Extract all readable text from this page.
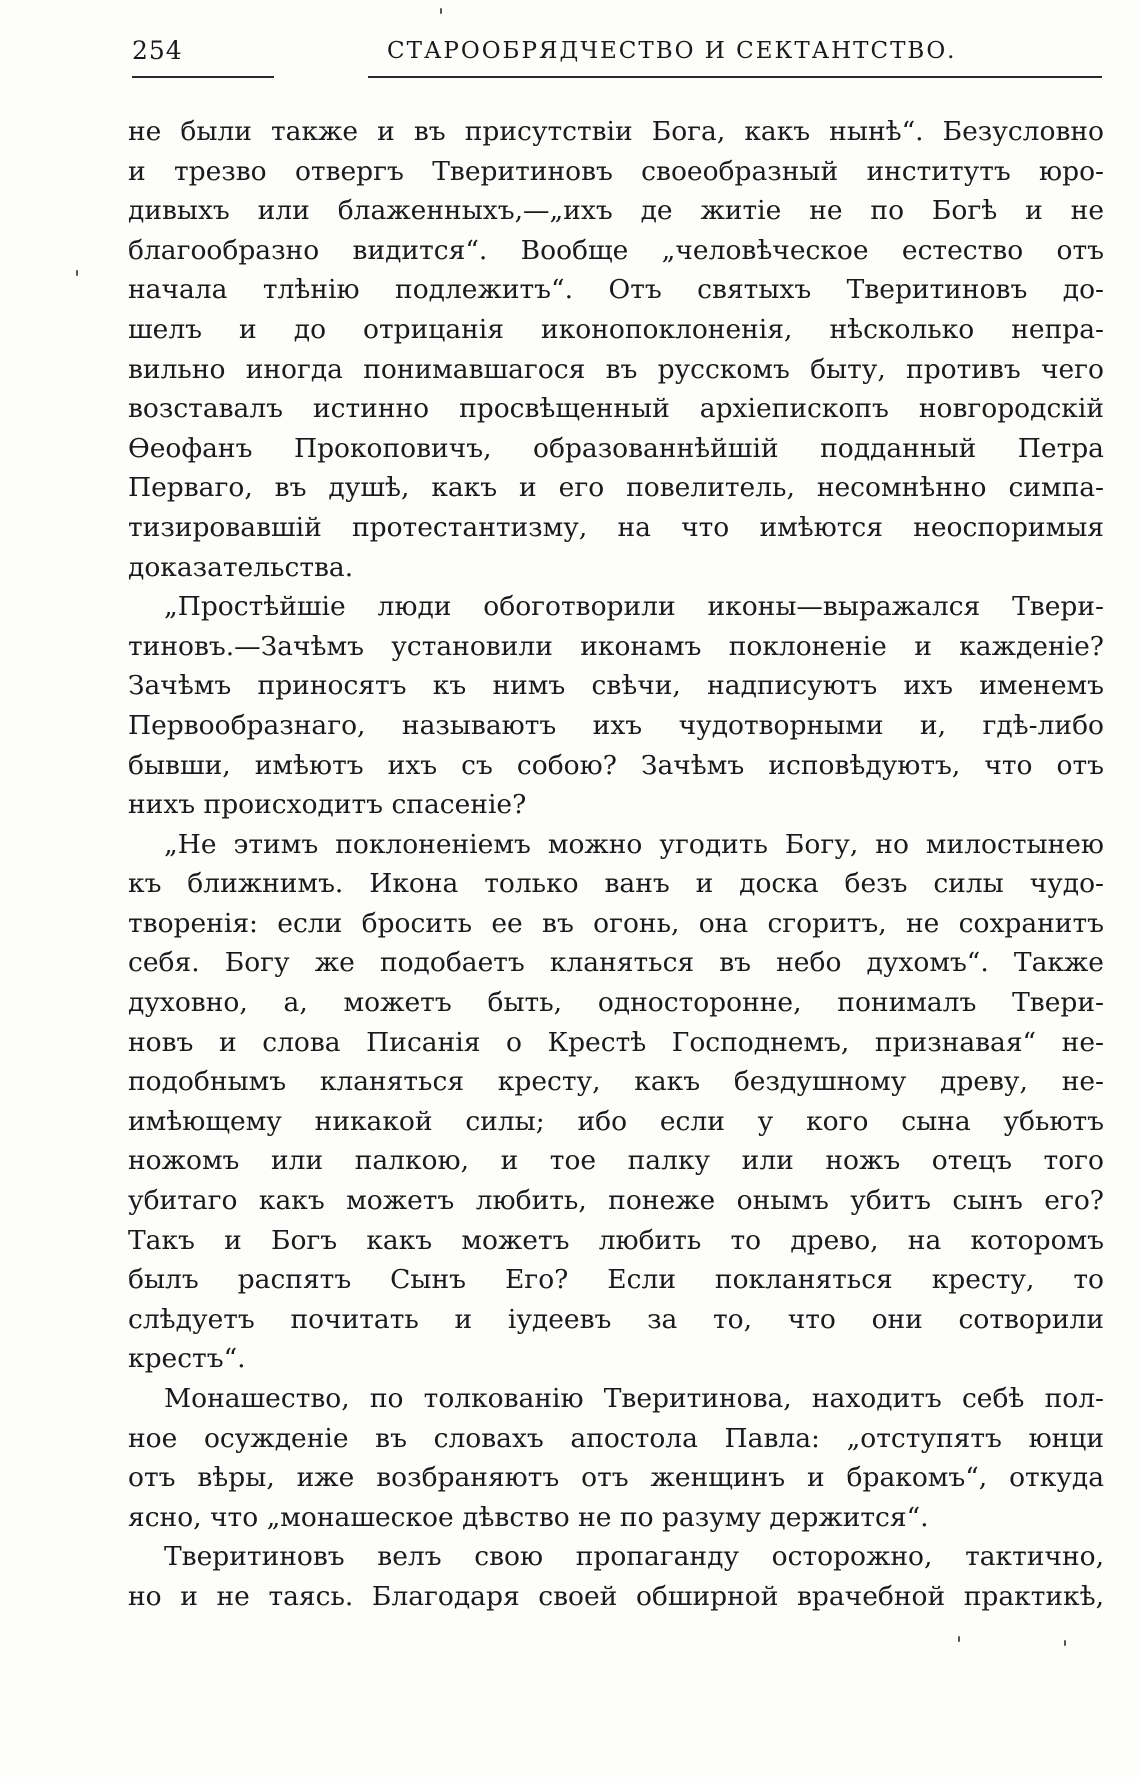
254	СТАРООБРЯДЧЕСТВО И СЕКТАНТСТВО.
не были также и въ присутствіи Бога, какъ нынѣ“. Безусловно
и трезво отвергъ Тверитиновъ своеобразный институтъ юро-
дивыхъ или блаженныхъ,—„ихъ де житіе не по Богѣ и не
благообразно видится“. Вообще „человѣческое естество отъ
начала тлѣнію подлежитъ“. Отъ святыхъ Тверитиновъ до-
шелъ и до отрицанія иконопоклоненія, нѣсколько непра-
вильно иногда понимавшагося въ русскомъ быту, противъ чего
возставалъ истинно просвѣщенный архіепископъ новгородскій
Ѳеофанъ Прокоповичъ, образованнѣйшій подданный Петра
Перваго, въ душѣ, какъ и его повелитель, несомнѣнно симпа-
тизировавшій протестантизму, на что имѣются неоспоримыя
доказательства.
„Простѣйшіе люди обоготворили иконы—выражался Твери-
тиновъ.—Зачѣмъ установили иконамъ поклоненіе и кажденіе?
Зачѣмъ приносятъ къ нимъ свѣчи, надписуютъ ихъ именемъ
Первообразнаго, называютъ ихъ чудотворными и, гдѣ-либо
бывши, имѣютъ ихъ съ собою? Зачѣмъ исповѣдуютъ, что отъ
нихъ происходитъ спасеніе?
„Не этимъ поклоненіемъ можно угодить Богу, но милостынею
къ ближнимъ. Икона только ванъ и доска безъ силы чудо-
творенія: если бросить ее въ огонь, она сгоритъ, не сохранитъ
себя. Богу же подобаетъ кланяться въ небо духомъ“. Также
духовно, а, можетъ быть, односторонне, понималъ Твери-
новъ и слова Писанія о Крестѣ Господнемъ, признавая“ не-
подобнымъ кланяться кресту, какъ бездушному древу, не-
имѣющему никакой силы; ибо если у кого сына убьютъ
ножомъ или палкою, и тое палку или ножъ отецъ того
убитаго какъ можетъ любить, понеже онымъ убитъ сынъ его?
Такъ и Богъ какъ можетъ любить то древо, на которомъ
былъ распятъ Сынъ Его? Если покланяться кресту, то
слѣдуетъ почитать и іудеевъ за то, что они сотворили
крестъ“.
Монашество, по толкованію Тверитинова, находитъ себѣ пол-
ное осужденіе въ словахъ апостола Павла: „отступятъ юнци
отъ вѣры, иже возбраняютъ отъ женщинъ и бракомъ“, откуда
ясно, что „монашеское дѣвство не по разуму держится“.
Тверитиновъ велъ свою пропаганду осторожно, тактично,
но и не таясь. Благодаря своей обширной врачебной практикѣ,
